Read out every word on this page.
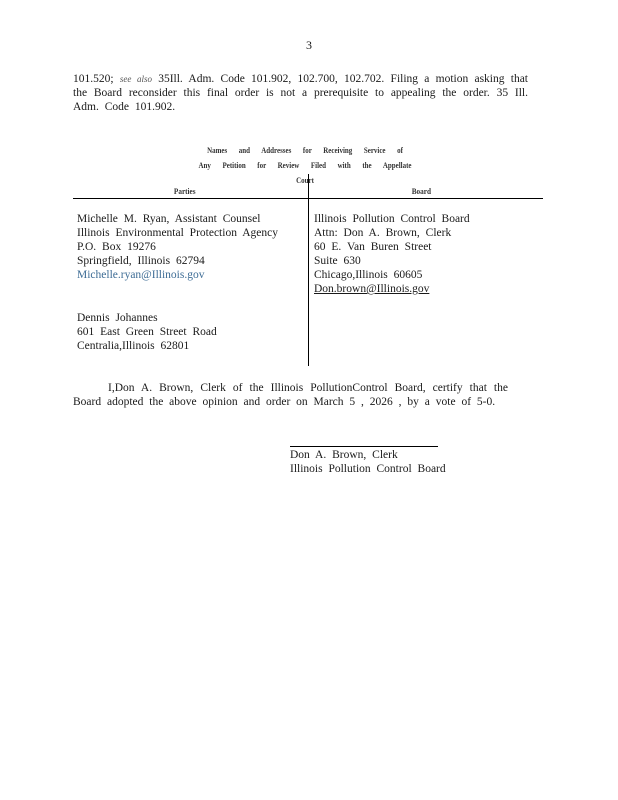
3
101.520; see also 35Ill. Adm. Code 101.902, 102.700, 102.702. Filing a motion asking that the Board reconsider this final order is not a prerequisite to appealing the order. 35 Ill. Adm. Code 101.902.
Names and Addresses for Receiving Service of
Any Petition for Review Filed with the Appellate Court
Parties	Board
Michelle M. Ryan, Assistant Counsel
Illinois Environmental Protection Agency
P.O. Box 19276
Springfield, Illinois 62794
Michelle.ryan@Illinois.gov
Dennis Johannes
601 East Green Street Road
Centralia,Illinois 62801
Illinois Pollution Control Board
Attn: Don A. Brown, Clerk
60 E. Van Buren Street
Suite 630
Chicago,Illinois 60605
Don.brown@Illinois.gov
I,Don A. Brown, Clerk of the Illinois PollutionControl Board, certify that the Board adopted the above opinion and order on March 5 , 2026 , by a vote of 5-0.
Don A. Brown, Clerk
Illinois Pollution Control Board
